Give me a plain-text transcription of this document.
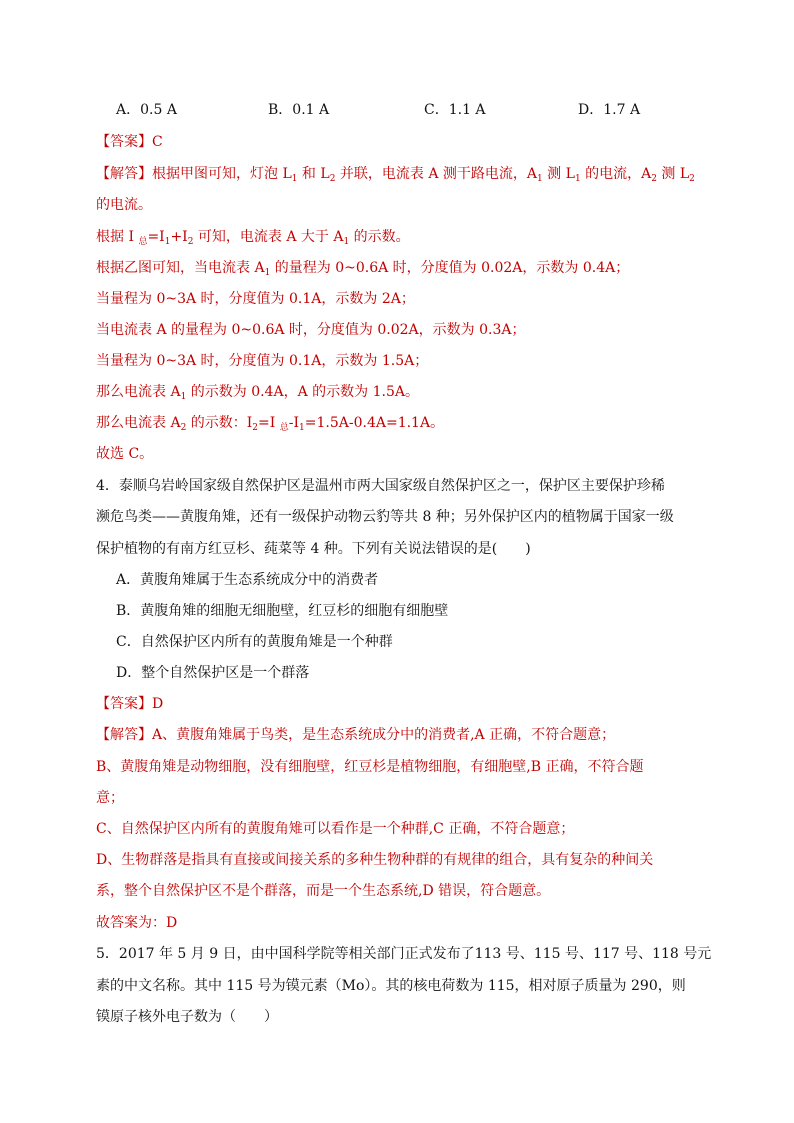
A．0.5 A	B．0.1 A	C．1.1 A	D．1.7 A
【答案】C
【解答】根据甲图可知，灯泡 $L_1$ 和 $L_2$ 并联，电流表 A 测干路电流，$A_1$ 测 $L_1$ 的电流，$A_2$ 测 $L_2$
的电流。
根据 I $_总=I_1+I_2$ 可知，电流表 A 大于 $A_1$ 的示数。
根据乙图可知，当电流表 $A_1$ 的量程为 0~0.6A 时，分度值为 0.02A，示数为 0.4A；
当量程为 0~3A 时，分度值为 0.1A，示数为 2A；
当电流表 A 的量程为 0~0.6A 时，分度值为 0.02A，示数为 0.3A；
当量程为 0~3A 时，分度值为 0.1A，示数为 1.5A；
那么电流表 $A_1$ 的示数为 0.4A，A 的示数为 1.5A。
那么电流表 $A_2$ 的示数：$I_2=I$ $_总-I_1=1.5A-0.4A=1.1A$。
故选 C。
4．泰顺乌岩岭国家级自然保护区是温州市两大国家级自然保护区之一，保护区主要保护珍稀
濒危鸟类——黄腹角雉，还有一级保护动物云豹等共 8 种；另外保护区内的植物属于国家一级
保护植物的有南方红豆杉、莼菜等 4 种。下列有关说法错误的是(　　)
A．黄腹角雉属于生态系统成分中的消费者
B．黄腹角雉的细胞无细胞壁，红豆杉的细胞有细胞壁
C．自然保护区内所有的黄腹角雉是一个种群
D．整个自然保护区是一个群落
【答案】D
【解答】A、黄腹角雉属于鸟类，是生态系统成分中的消费者,A 正确，不符合题意；
B、黄腹角雉是动物细胞，没有细胞壁，红豆杉是植物细胞，有细胞壁,B 正确，不符合题
意；
C、自然保护区内所有的黄腹角雉可以看作是一个种群,C 正确，不符合题意；
D、生物群落是指具有直接或间接关系的多种生物种群的有规律的组合，具有复杂的种间关
系，整个自然保护区不是个群落，而是一个生态系统,D 错误，符合题意。
故答案为：D
5．2017 年 5 月 9 日，由中国科学院等相关部门正式发布了113 号、115 号、117 号、118 号元
素的中文名称。其中 115 号为镆元素（Mo）。其的核电荷数为 115，相对原子质量为 290，则
镆原子核外电子数为（　　）
